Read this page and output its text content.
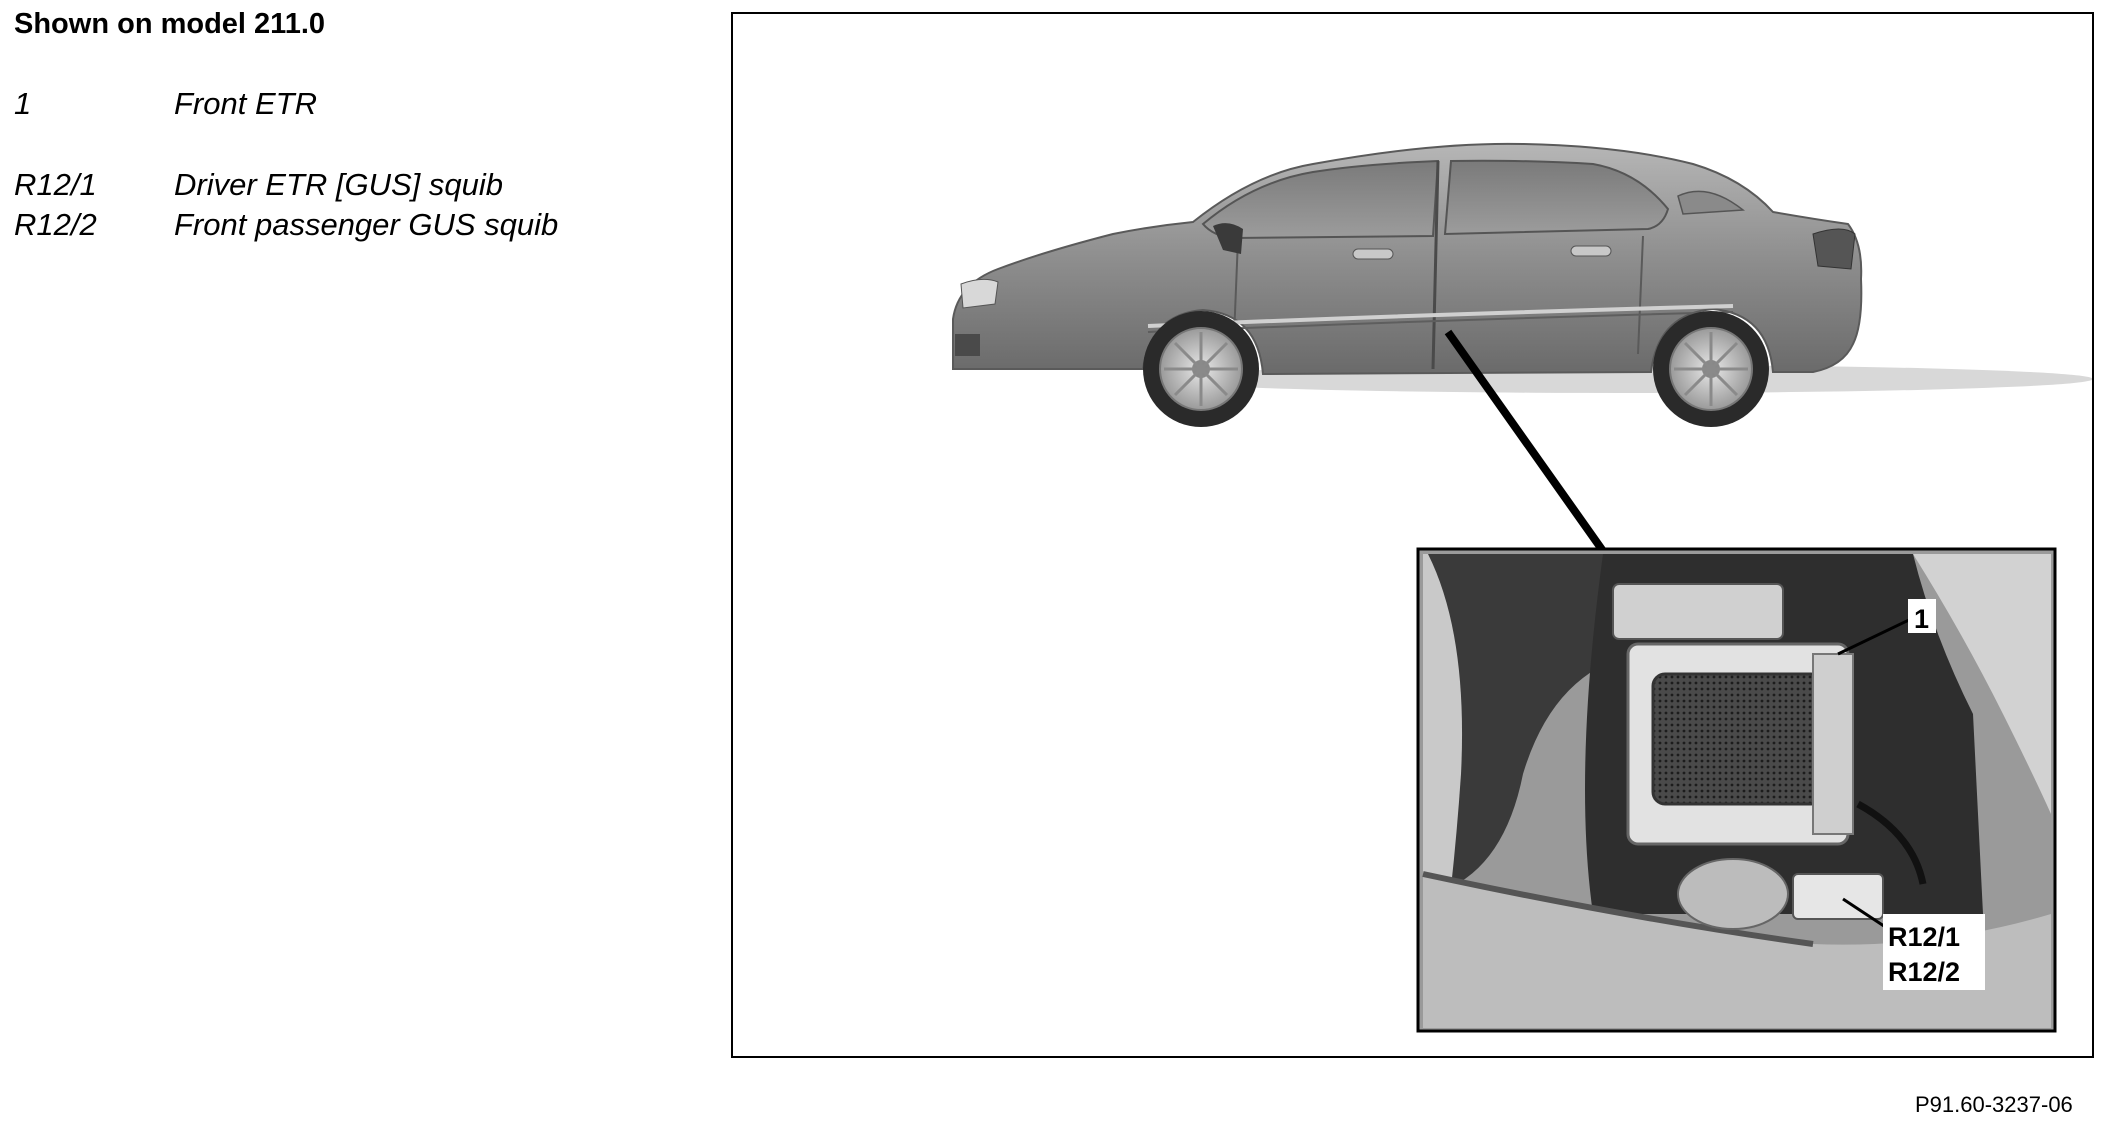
Shown on model 211.0
1	Front ETR
R12/1 Driver ETR [GUS] squib
R12/2 Front passenger GUS squib
1
R12/1
R12/2
P91.60-3237-06
